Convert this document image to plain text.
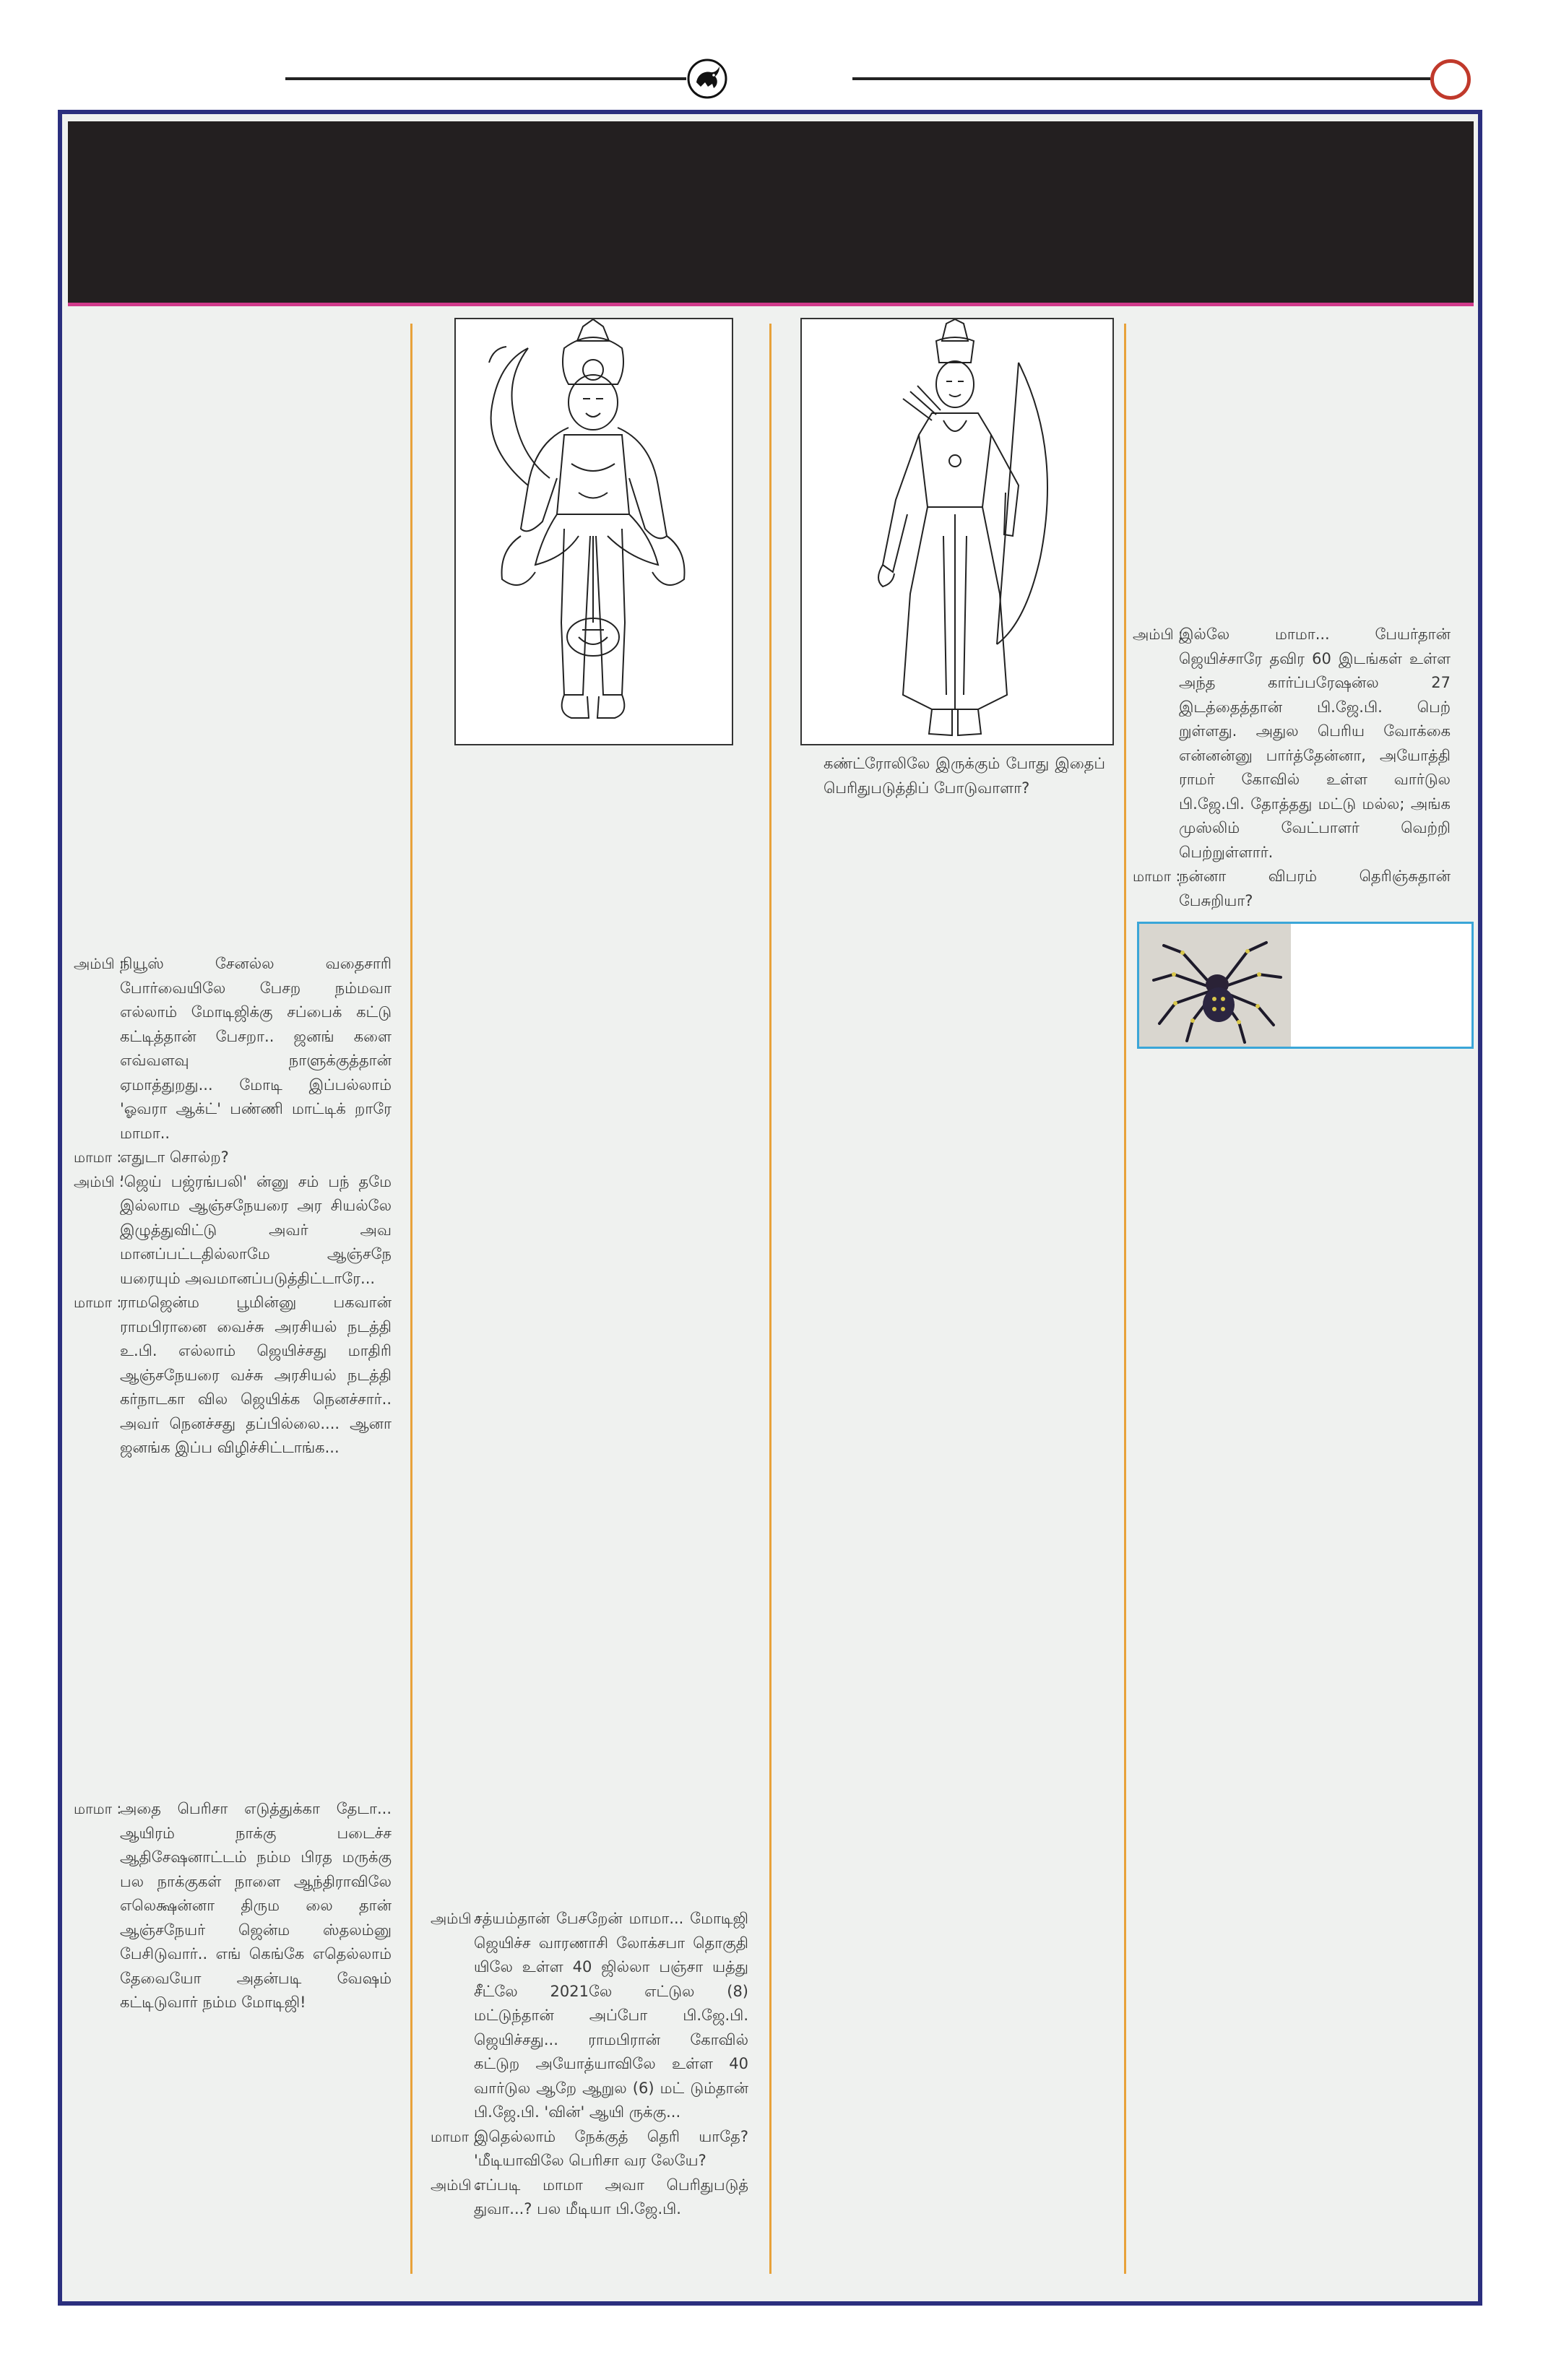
அம்பி :
நியூஸ் சேனல்ல வதைசாரி போர்வையிலே பேசற நம்மவா எல்லாம் மோடிஜிக்கு சப்பைக் கட்டு கட்டித்தான் பேசறா.. ஜனங் களை எவ்வளவு நாளுக்குத்தான் ஏமாத்துறது... மோடி இப்பல்லாம் 'ஓவரா ஆக்ட்' பண்ணி மாட்டிக் றாரே மாமா..
மாமா :
எதுடா சொல்ற?
அம்பி :
'ஜெய் பஜ்ரங்பலி' ன்னு சம் பந் தமே இல்லாம ஆஞ்சநேயரை அர சியல்லே இழுத்துவிட்டு அவர் அவ மானப்பட்டதில்லாமே ஆஞ்சநே யரையும் அவமானப்படுத்திட்டாரே...
மாமா :
ராமஜென்ம பூமின்னு பகவான் ராமபிரானை வைச்சு அரசியல் நடத்தி உ.பி. எல்லாம் ஜெயிச்சது மாதிரி ஆஞ்சநேயரை வச்சு அரசியல் நடத்தி கர்நாடகா வில ஜெயிக்க நெனச்சார்.. அவர் நெனச்சது தப்பில்லை.... ஆனா ஜனங்க இப்ப விழிச்சிட்டாங்க...
மாமா :
அதை பெரிசா எடுத்துக்கா தேடா... ஆயிரம் நாக்கு படைச்ச ஆதிசேஷனாட்டம் நம்ம பிரத மருக்கு பல நாக்குகள் நாளை ஆந்திராவிலே எலெக்ஷன்னா திரும லை தான் ஆஞ்சநேயர் ஜென்ம ஸ்தலம்னு பேசிடுவார்.. எங் கெங்கே எதெல்லாம் தேவையோ அதன்படி வேஷம் கட்டிடுவார் நம்ம மோடிஜி!
அம்பி :
சத்யம்தான் பேசறேன் மாமா... மோடிஜி ஜெயிச்ச வாரணாசி லோக்சபா தொகுதி யிலே உள்ள 40 ஜில்லா பஞ்சா யத்து சீட்லே 2021லே எட்டுல (8) மட்டுந்தான் அப்போ பி.ஜே.பி. ஜெயிச்சது... ராமபிரான் கோவில் கட்டுற அயோத்யாவிலே உள்ள 40 வார்டுல ஆறே ஆறுல (6) மட் டும்தான் பி.ஜே.பி. 'வின்' ஆயி ருக்கு...
மாமா :
இதெல்லாம் நேக்குத் தெரி யாதே? 'மீடியாவிலே பெரிசா வர லேயே?
அம்பி :
எப்படி மாமா அவா பெரிதுபடுத் துவா...? பல மீடியா பி.ஜே.பி.
கண்ட்ரோலிலே இருக்கும் போது இதைப் பெரிதுபடுத்திப் போடுவாளா?
அம்பி :
இல்லே மாமா... பேயர்தான் ஜெயிச்சாரே தவிர 60 இடங்கள் உள்ள அந்த கார்ப்பரேஷன்ல 27 இடத்தைத்தான் பி.ஜே.பி. பெற் றுள்ளது. அதுல பெரிய வோக்கை என்னன்னு பார்த்தேன்னா, அயோத்தி ராமர் கோவில் உள்ள வார்டுல பி.ஜே.பி. தோத்தது மட்டு மல்ல; அங்க முஸ்லிம் வேட்பாளர் வெற்றி பெற்றுள்ளார்.
மாமா :
நன்னா விபரம் தெரிஞ்சுதான் பேசுறியா?
